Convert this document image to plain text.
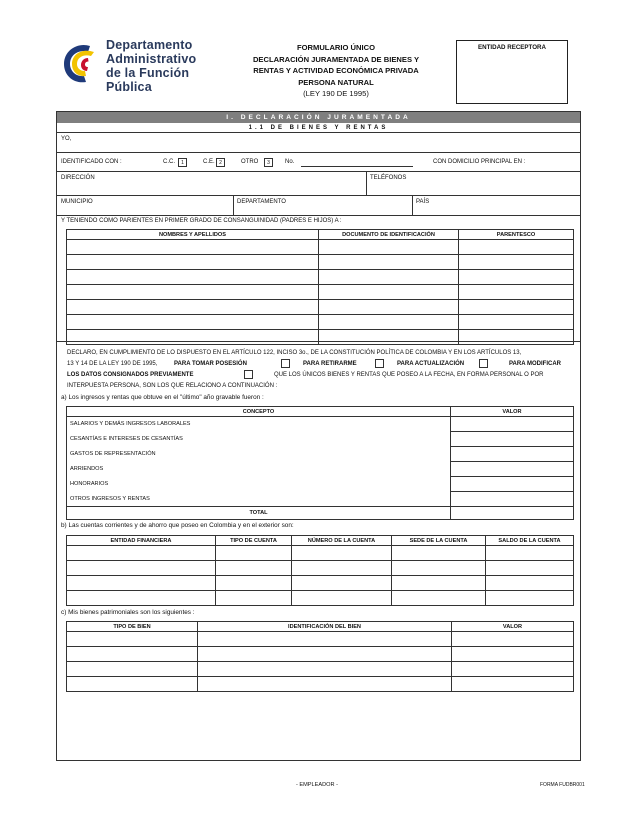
Departamento
Administrativo
de la Función
Pública
FORMULARIO ÚNICO
DECLARACIÓN JURAMENTADA DE BIENES Y
RENTAS Y ACTIVIDAD ECONÓMICA PRIVADA
PERSONA NATURAL
(LEY 190 DE 1995)
ENTIDAD RECEPTORA
I. DECLARACIÓN JURAMENTADA
1.1 DE BIENES Y RENTAS
YO,
IDENTIFICADO CON :	C.C.	1	C.E. 2	OTRO	3	No.	CON DOMICILIO PRINCIPAL EN :
DIRECCIÓN	TELÉFONOS
MUNICIPIO	DEPARTAMENTO	PAÍS
Y TENIENDO COMO PARIENTES EN PRIMER GRADO DE CONSANGUINIDAD (PADRES E HIJOS) A :
NOMBRES Y APELLIDOS	DOCUMENTO DE IDENTIFICACIÓN	PARENTESCO

DECLARO, EN CUMPLIMIENTO DE LO DISPUESTO EN EL ARTÍCULO 122, INCISO 3o., DE LA CONSTITUCIÓN POLÍTICA DE COLOMBIA Y EN LOS ARTÍCULOS 13,
13 Y 14 DE LA LEY 190 DE 1995,	PARA TOMAR POSESIÓN	PARA RETIRARME	PARA ACTUALIZACIÓN	PARA MODIFICAR
LOS DATOS CONSIGNADOS PREVIAMENTE	QUE LOS ÚNICOS BIENES Y RENTAS QUE POSEO A LA FECHA, EN FORMA PERSONAL O POR
INTERPUESTA PERSONA, SON LOS QUE RELACIONO A CONTINUACIÓN :
a) Los ingresos y rentas que obtuve en el "último" año gravable fueron :
CONCEPTO	VALOR
SALARIOS Y DEMÁS INGRESOS LABORALES	
CESANTÍAS E INTERESES DE CESANTÍAS	
GASTOS DE REPRESENTACIÓN	
ARRIENDOS	
HONORARIOS	
OTROS INGRESOS Y RENTAS	
TOTAL	
b) Las cuentas corrientes y de ahorro que poseo en Colombia y en el exterior son:
ENTIDAD FINANCIERA	TIPO DE CUENTA	NÚMERO DE LA CUENTA	SEDE DE LA CUENTA	SALDO DE LA CUENTA

c) Mis bienes patrimoniales son los siguientes :
TIPO DE BIEN	IDENTIFICACIÓN DEL BIEN	VALOR

- EMPLEADOR -	FORMA FUDBR001
